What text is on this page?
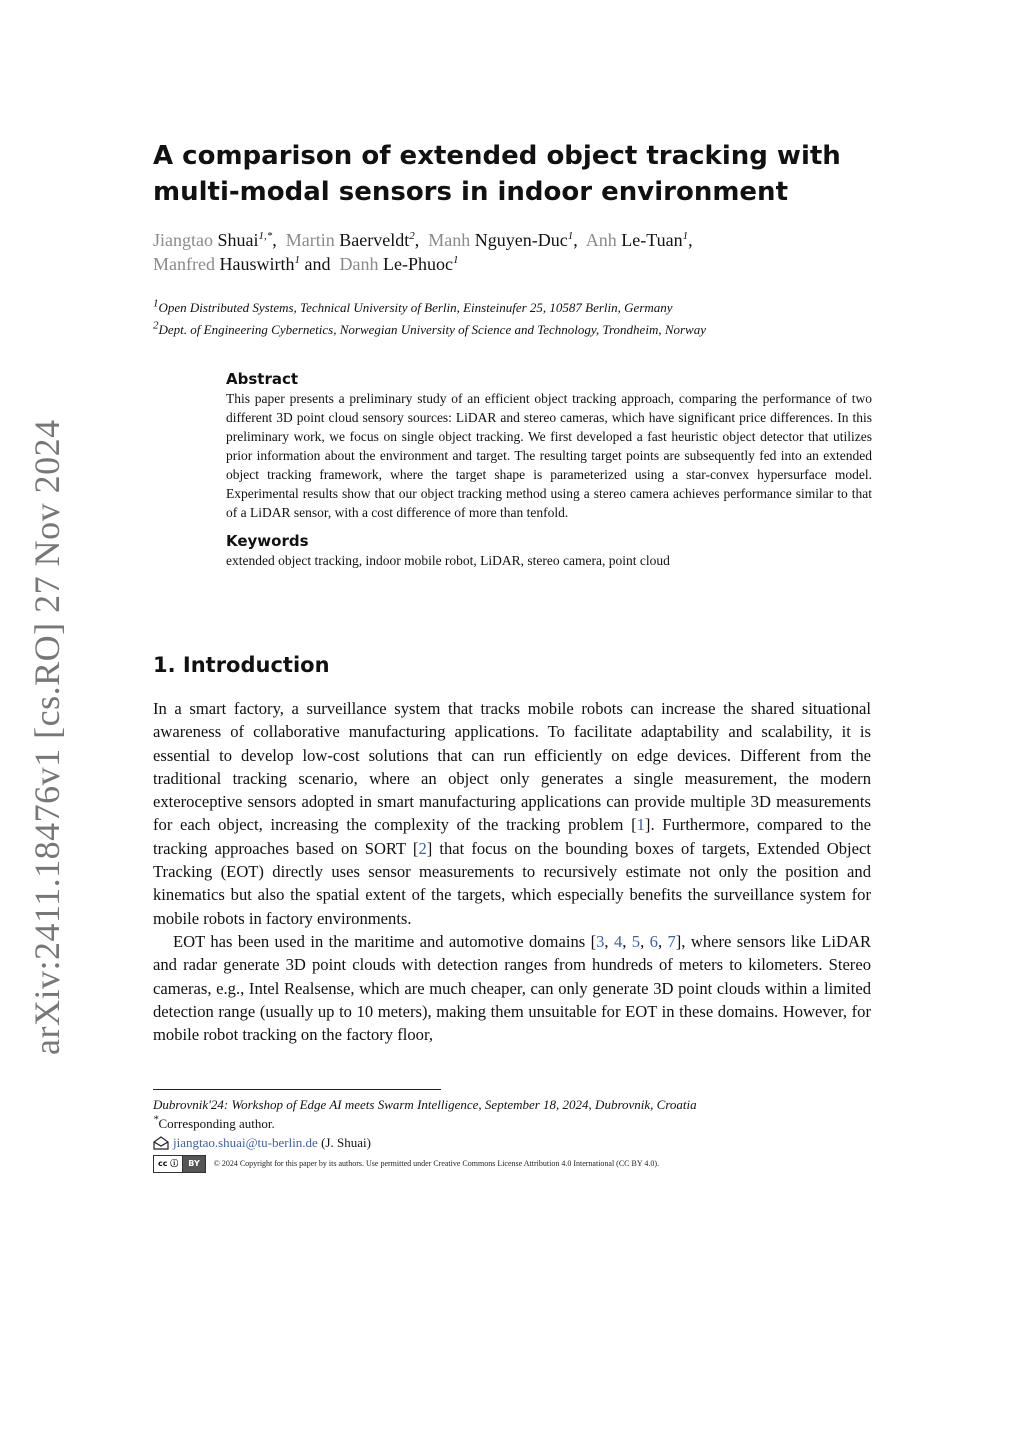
arXiv:2411.18476v1 [cs.RO] 27 Nov 2024
A comparison of extended object tracking with
multi-modal sensors in indoor environment
Jiangtao Shuai$^{1,*}$,  Martin Baerveldt$^2$,  Manh Nguyen-Duc$^1$,  Anh Le-Tuan$^1$,
Manfred Hauswirth$^1$ and  Danh Le-Phuoc$^1$
$^1$Open Distributed Systems, Technical University of Berlin, Einsteinufer 25, 10587 Berlin, Germany
$^2$Dept. of Engineering Cybernetics, Norwegian University of Science and Technology, Trondheim, Norway
Abstract

This paper presents a preliminary study of an efficient object tracking approach, comparing the performance of two different 3D point cloud sensory sources: LiDAR and stereo cameras, which have significant price differences. In this preliminary work, we focus on single object tracking. We first developed a fast heuristic object detector that utilizes prior information about the environment and target. The resulting target points are subsequently fed into an extended object tracking framework, where the target shape is parameterized using a star-convex hypersurface model. Experimental results show that our object tracking method using a stereo camera achieves performance similar to that of a LiDAR sensor, with a cost difference of more than tenfold.

Keywords

extended object tracking, indoor mobile robot, LiDAR, stereo camera, point cloud

1. Introduction

In a smart factory, a surveillance system that tracks mobile robots can increase the shared situational awareness of collaborative manufacturing applications. To facilitate adaptability and scalability, it is essential to develop low-cost solutions that can run efficiently on edge devices. Different from the traditional tracking scenario, where an object only generates a single measurement, the modern exteroceptive sensors adopted in smart manufacturing applications can provide multiple 3D measurements for each object, increasing the complexity of the tracking problem [1]. Furthermore, compared to the tracking approaches based on SORT [2] that focus on the bounding boxes of targets, Extended Object Tracking (EOT) directly uses sensor measurements to recursively estimate not only the position and kinematics but also the spatial extent of the targets, which especially benefits the surveillance system for mobile robots in factory environments.

EOT has been used in the maritime and automotive domains [3, 4, 5, 6, 7], where sensors like LiDAR and radar generate 3D point clouds with detection ranges from hundreds of meters to kilometers. Stereo cameras, e.g., Intel Realsense, which are much cheaper, can only generate 3D point clouds within a limited detection range (usually up to 10 meters), making them unsuitable for EOT in these domains. However, for mobile robot tracking on the factory floor,

Dubrovnik'24: Workshop of Edge AI meets Swarm Intelligence, September 18, 2024, Dubrovnik, Croatia
*Corresponding author.
jiangtao.shuai@tu-berlin.de (J. Shuai)
cc ⓘ	BY	© 2024 Copyright for this paper by its authors. Use permitted under Creative Commons License Attribution 4.0 International (CC BY 4.0).
